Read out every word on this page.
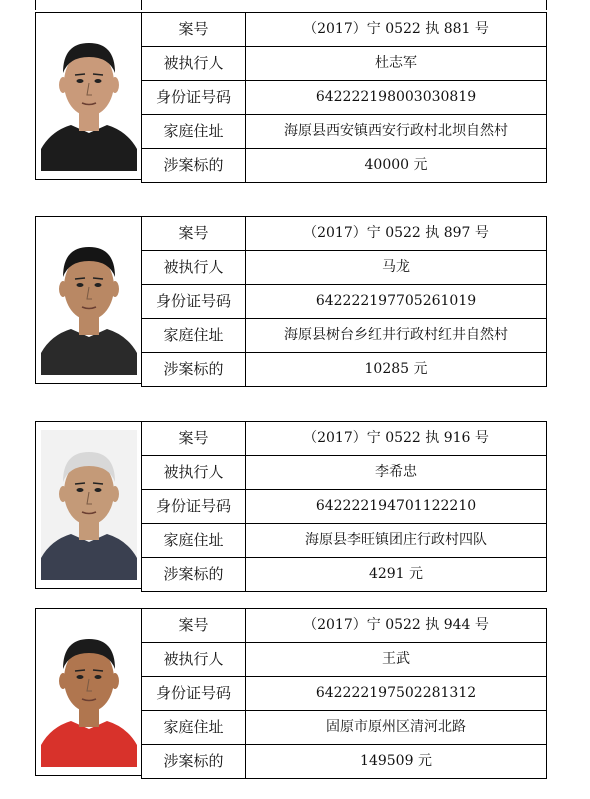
案号	（2017）宁 0522 执 881 号
被执行人	杜志军
身份证号码	642222198003030819
家庭住址	海原县西安镇西安行政村北坝自然村
涉案标的	40000 元
案号	（2017）宁 0522 执 897 号
被执行人	马龙
身份证号码	642222197705261019
家庭住址	海原县树台乡红井行政村红井自然村
涉案标的	10285 元
案号	（2017）宁 0522 执 916 号
被执行人	李希忠
身份证号码	642222194701122210
家庭住址	海原县李旺镇团庄行政村四队
涉案标的	4291 元
案号	（2017）宁 0522 执 944 号
被执行人	王武
身份证号码	642222197502281312
家庭住址	固原市原州区清河北路
涉案标的	149509 元
